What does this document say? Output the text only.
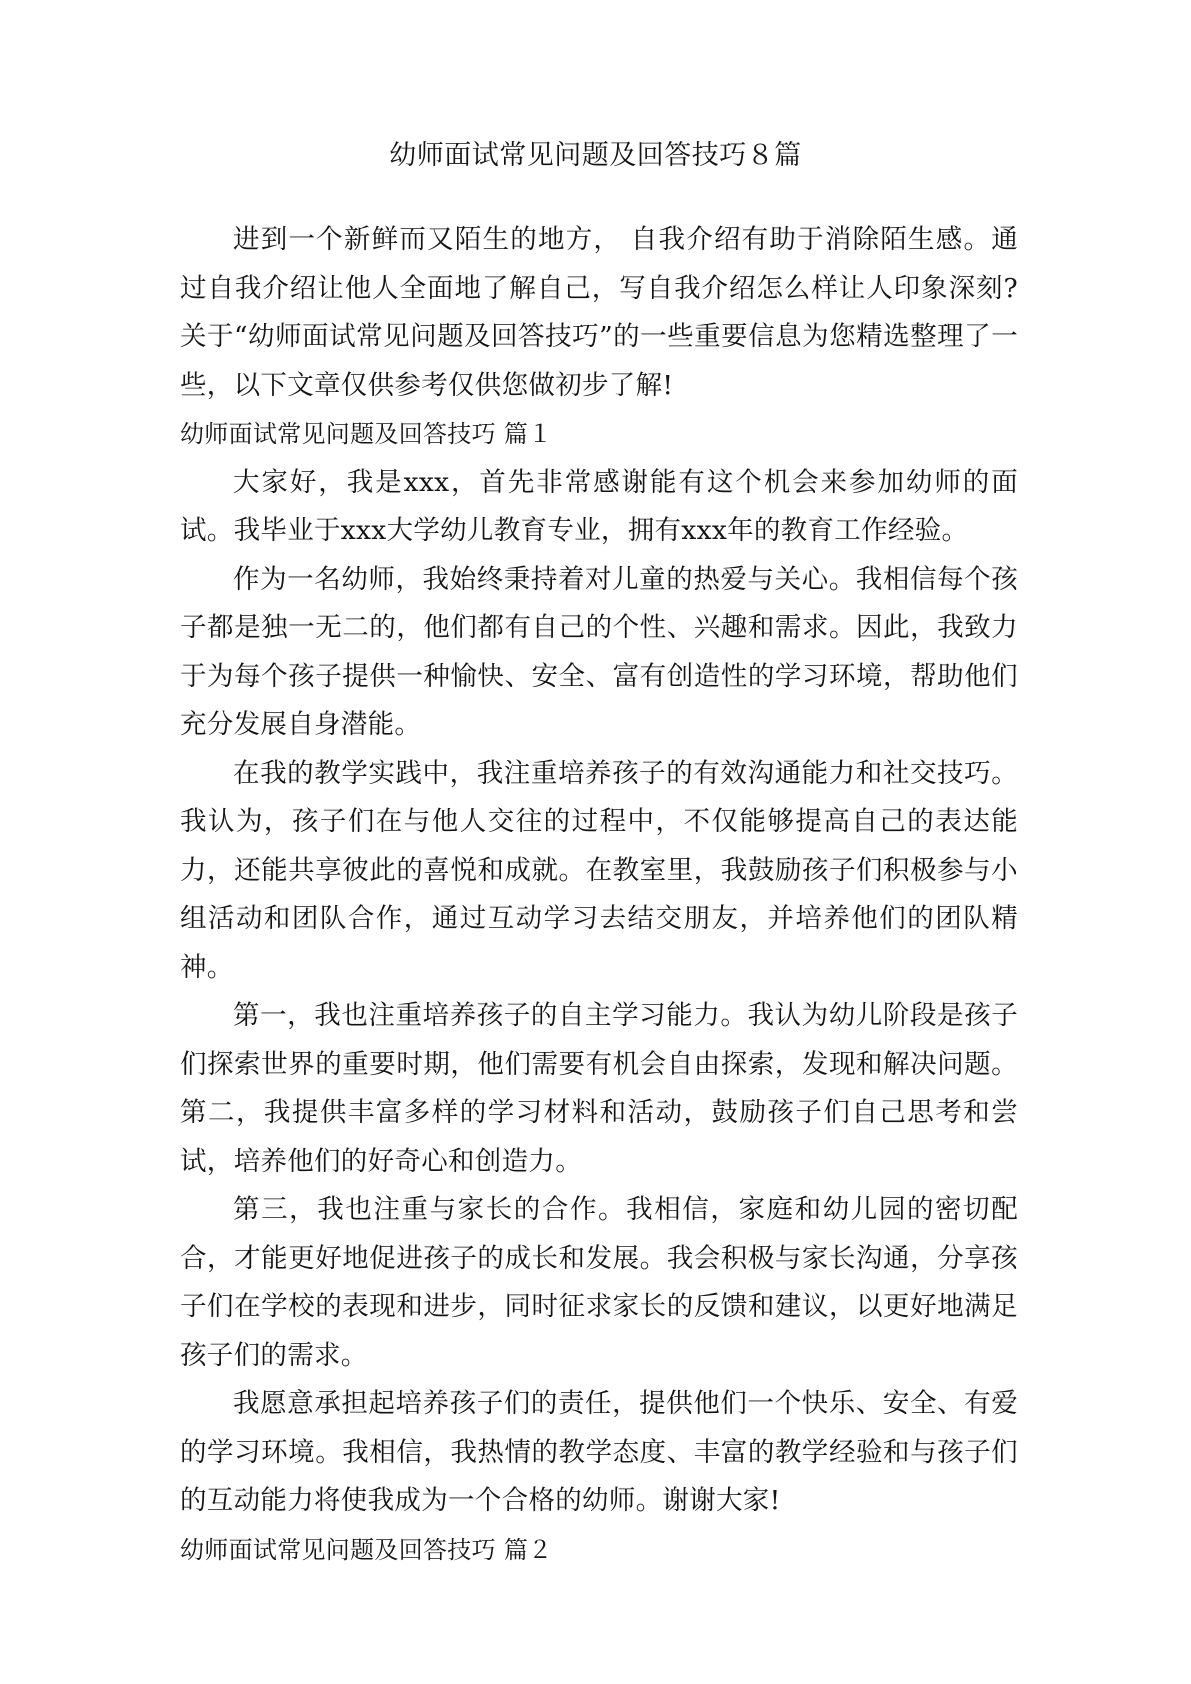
幼师面试常见问题及回答技巧８篇

进到一个新鲜而又陌生的地方， 自我介绍有助于消除陌生感。通过自我介绍让他人全面地了解自己，写自我介绍怎么样让人印象深刻?关于“幼师面试常见问题及回答技巧”的一些重要信息为您精选整理了一些，以下文章仅供参考仅供您做初步了解!

幼师面试常见问题及回答技巧 篇１

大家好，我是xxx，首先非常感谢能有这个机会来参加幼师的面试。我毕业于xxx大学幼儿教育专业，拥有xxx年的教育工作经验。

作为一名幼师，我始终秉持着对儿童的热爱与关心。我相信每个孩子都是独一无二的，他们都有自己的个性、兴趣和需求。因此，我致力于为每个孩子提供一种愉快、安全、富有创造性的学习环境，帮助他们充分发展自身潜能。

在我的教学实践中，我注重培养孩子的有效沟通能力和社交技巧。我认为，孩子们在与他人交往的过程中，不仅能够提高自己的表达能力，还能共享彼此的喜悦和成就。在教室里，我鼓励孩子们积极参与小组活动和团队合作，通过互动学习去结交朋友，并培养他们的团队精神。

第一，我也注重培养孩子的自主学习能力。我认为幼儿阶段是孩子们探索世界的重要时期，他们需要有机会自由探索，发现和解决问题。第二，我提供丰富多样的学习材料和活动，鼓励孩子们自己思考和尝试，培养他们的好奇心和创造力。

第三，我也注重与家长的合作。我相信，家庭和幼儿园的密切配合，才能更好地促进孩子的成长和发展。我会积极与家长沟通，分享孩子们在学校的表现和进步，同时征求家长的反馈和建议，以更好地满足孩子们的需求。

我愿意承担起培养孩子们的责任，提供他们一个快乐、安全、有爱的学习环境。我相信，我热情的教学态度、丰富的教学经验和与孩子们的互动能力将使我成为一个合格的幼师。谢谢大家!

幼师面试常见问题及回答技巧 篇２
